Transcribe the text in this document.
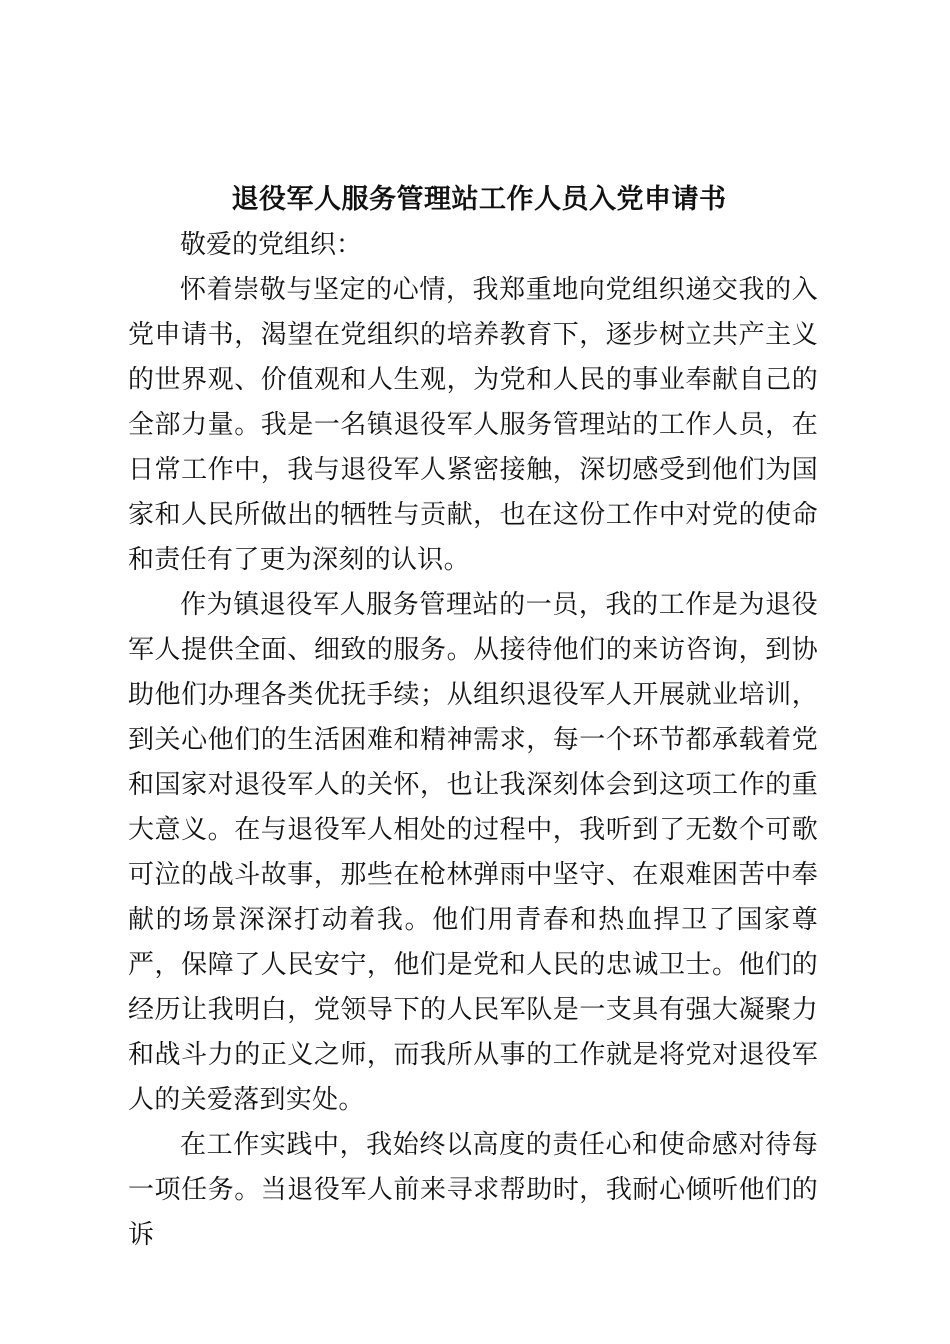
退役军人服务管理站工作人员入党申请书

敬爱的党组织：

怀着崇敬与坚定的心情，我郑重地向党组织递交我的入党申请书，渴望在党组织的培养教育下，逐步树立共产主义的世界观、价值观和人生观，为党和人民的事业奉献自己的全部力量。我是一名镇退役军人服务管理站的工作人员，在日常工作中，我与退役军人紧密接触，深切感受到他们为国家和人民所做出的牺牲与贡献，也在这份工作中对党的使命和责任有了更为深刻的认识。

作为镇退役军人服务管理站的一员，我的工作是为退役军人提供全面、细致的服务。从接待他们的来访咨询，到协助他们办理各类优抚手续；从组织退役军人开展就业培训，到关心他们的生活困难和精神需求，每一个环节都承载着党和国家对退役军人的关怀，也让我深刻体会到这项工作的重大意义。在与退役军人相处的过程中，我听到了无数个可歌可泣的战斗故事，那些在枪林弹雨中坚守、在艰难困苦中奉献的场景深深打动着我。他们用青春和热血捍卫了国家尊严，保障了人民安宁，他们是党和人民的忠诚卫士。他们的经历让我明白，党领导下的人民军队是一支具有强大凝聚力和战斗力的正义之师，而我所从事的工作就是将党对退役军人的关爱落到实处。

在工作实践中，我始终以高度的责任心和使命感对待每一项任务。当退役军人前来寻求帮助时，我耐心倾听他们的诉
